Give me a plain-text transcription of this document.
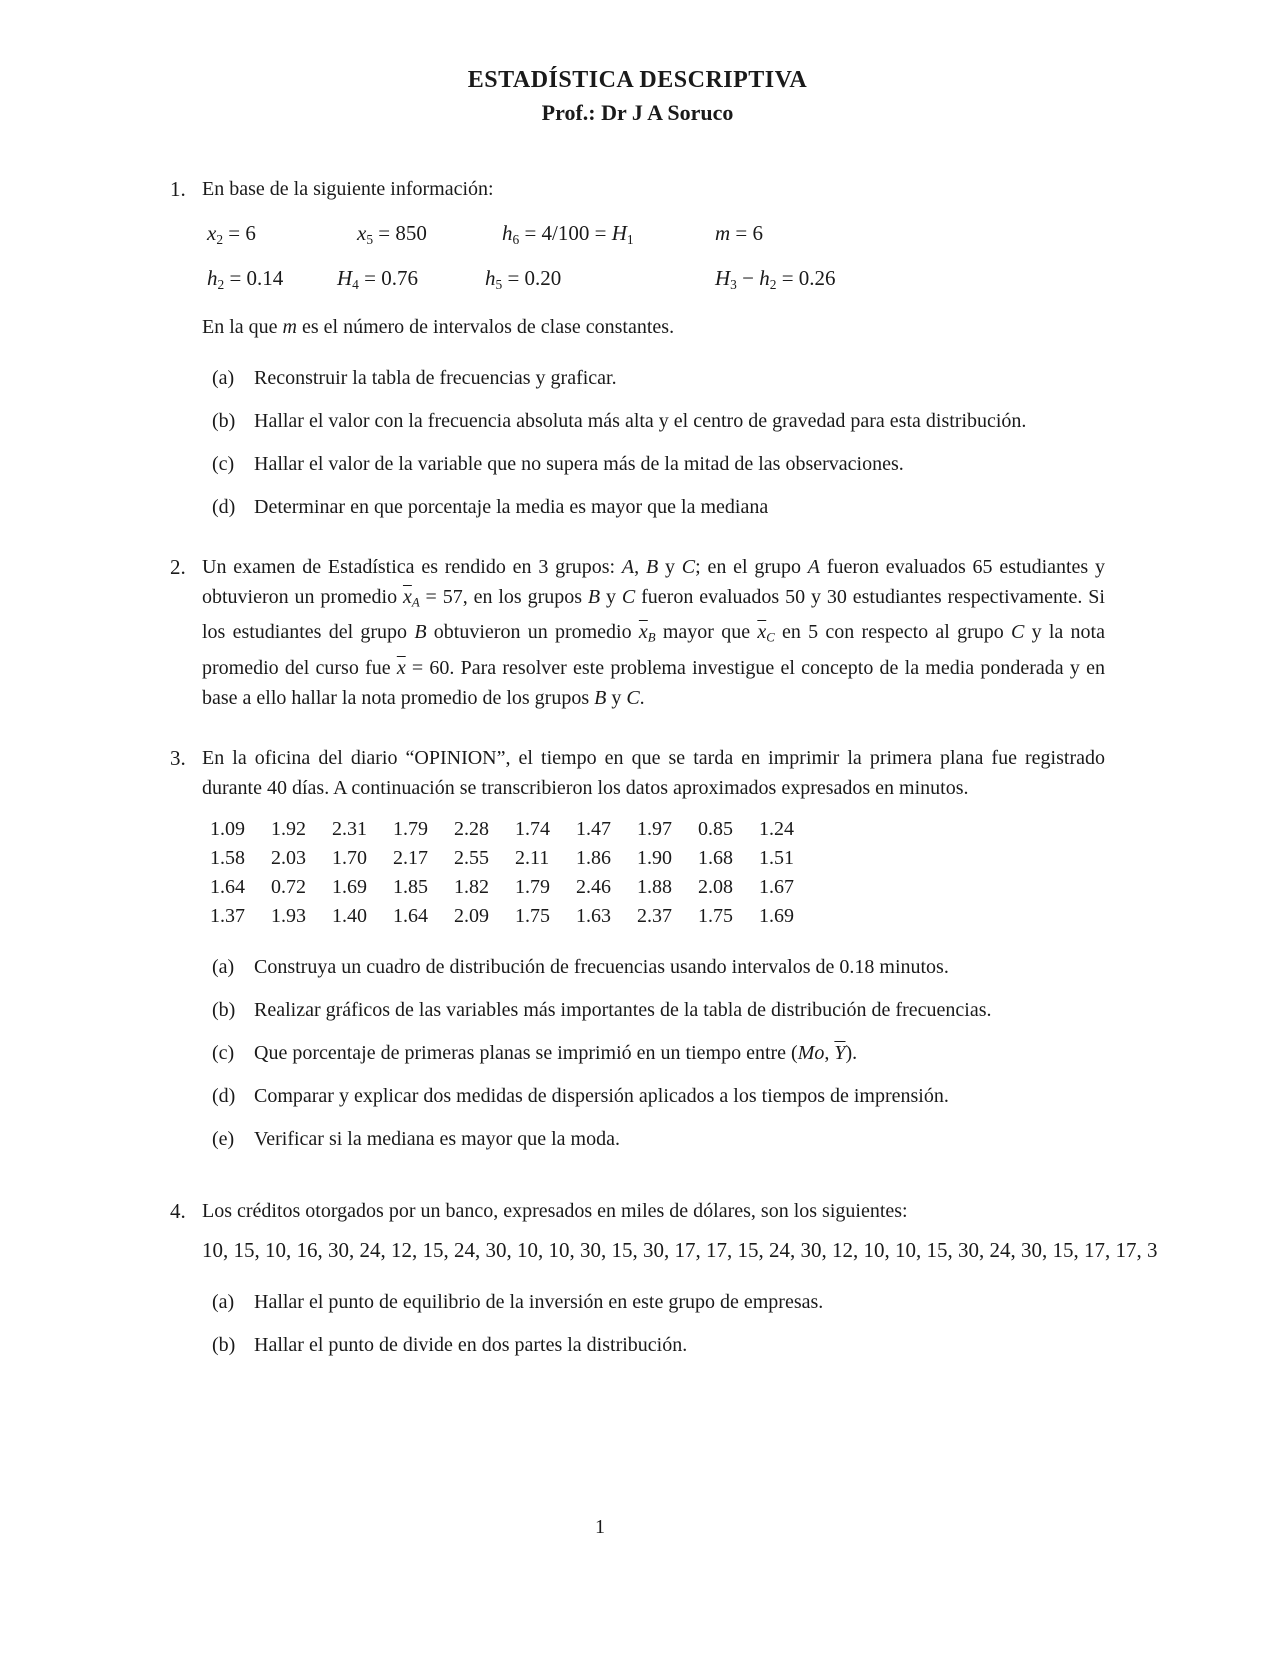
ESTADÍSTICA DESCRIPTIVA
Prof.: Dr J A Soruco
1. En base de la siguiente información:
x2 = 6	x5 = 850	h6 = 4/100 = H1	m = 6
h2 = 0.14	H4 = 0.76	h5 = 0.20	H3 − h2 = 0.26
En la que m es el número de intervalos de clase constantes.
(a) Reconstruir la tabla de frecuencias y graficar.
(b) Hallar el valor con la frecuencia absoluta más alta y el centro de gravedad para esta distribución.
(c) Hallar el valor de la variable que no supera más de la mitad de las observaciones.
(d) Determinar en que porcentaje la media es mayor que la mediana
2. Un examen de Estadística es rendido en 3 grupos: A, B y C; en el grupo A fueron evaluados 65 estudiantes y obtuvieron un promedio $\overline{x}A = 57$, en los grupos B y C fueron evaluados 50 y 30 estudiantes respectivamente. Si los estudiantes del grupo B obtuvieron un promedio $\overline{x}B$ mayor que $\overline{x}C$ en 5 con respecto al grupo C y la nota promedio del curso fue $\overline{x} = 60$. Para resolver este problema investigue el concepto de la media ponderada y en base a ello hallar la nota promedio de los grupos B y C.
3. En la oficina del diario “OPINION”, el tiempo en que se tarda en imprimir la primera plana fue registrado durante 40 días. A continuación se transcribieron los datos aproximados expresados en minutos.
1.09 1.92 2.31 1.79 2.28 1.74 1.47 1.97 0.85 1.24
1.58 2.03 1.70 2.17 2.55 2.11 1.86 1.90 1.68 1.51
1.64 0.72 1.69 1.85 1.82 1.79 2.46 1.88 2.08 1.67
1.37 1.93 1.40 1.64 2.09 1.75 1.63 2.37 1.75 1.69
(a) Construya un cuadro de distribución de frecuencias usando intervalos de 0.18 minutos.
(b) Realizar gráficos de las variables más importantes de la tabla de distribución de frecuencias.
(c) Que porcentaje de primeras planas se imprimió en un tiempo entre (Mo, $\overline{Y}$).
(d) Comparar y explicar dos medidas de dispersión aplicados a los tiempos de imprensión.
(e) Verificar si la mediana es mayor que la moda.
4. Los créditos otorgados por un banco, expresados en miles de dólares, son los siguientes:
10, 15, 10, 16, 30, 24, 12, 15, 24, 30, 10, 10, 30, 15, 30, 17, 17, 15, 24, 30, 12, 10, 10, 15, 30, 24, 30, 15, 17, 17, 3
(a) Hallar el punto de equilibrio de la inversión en este grupo de empresas.
(b) Hallar el punto de divide en dos partes la distribución.
1
